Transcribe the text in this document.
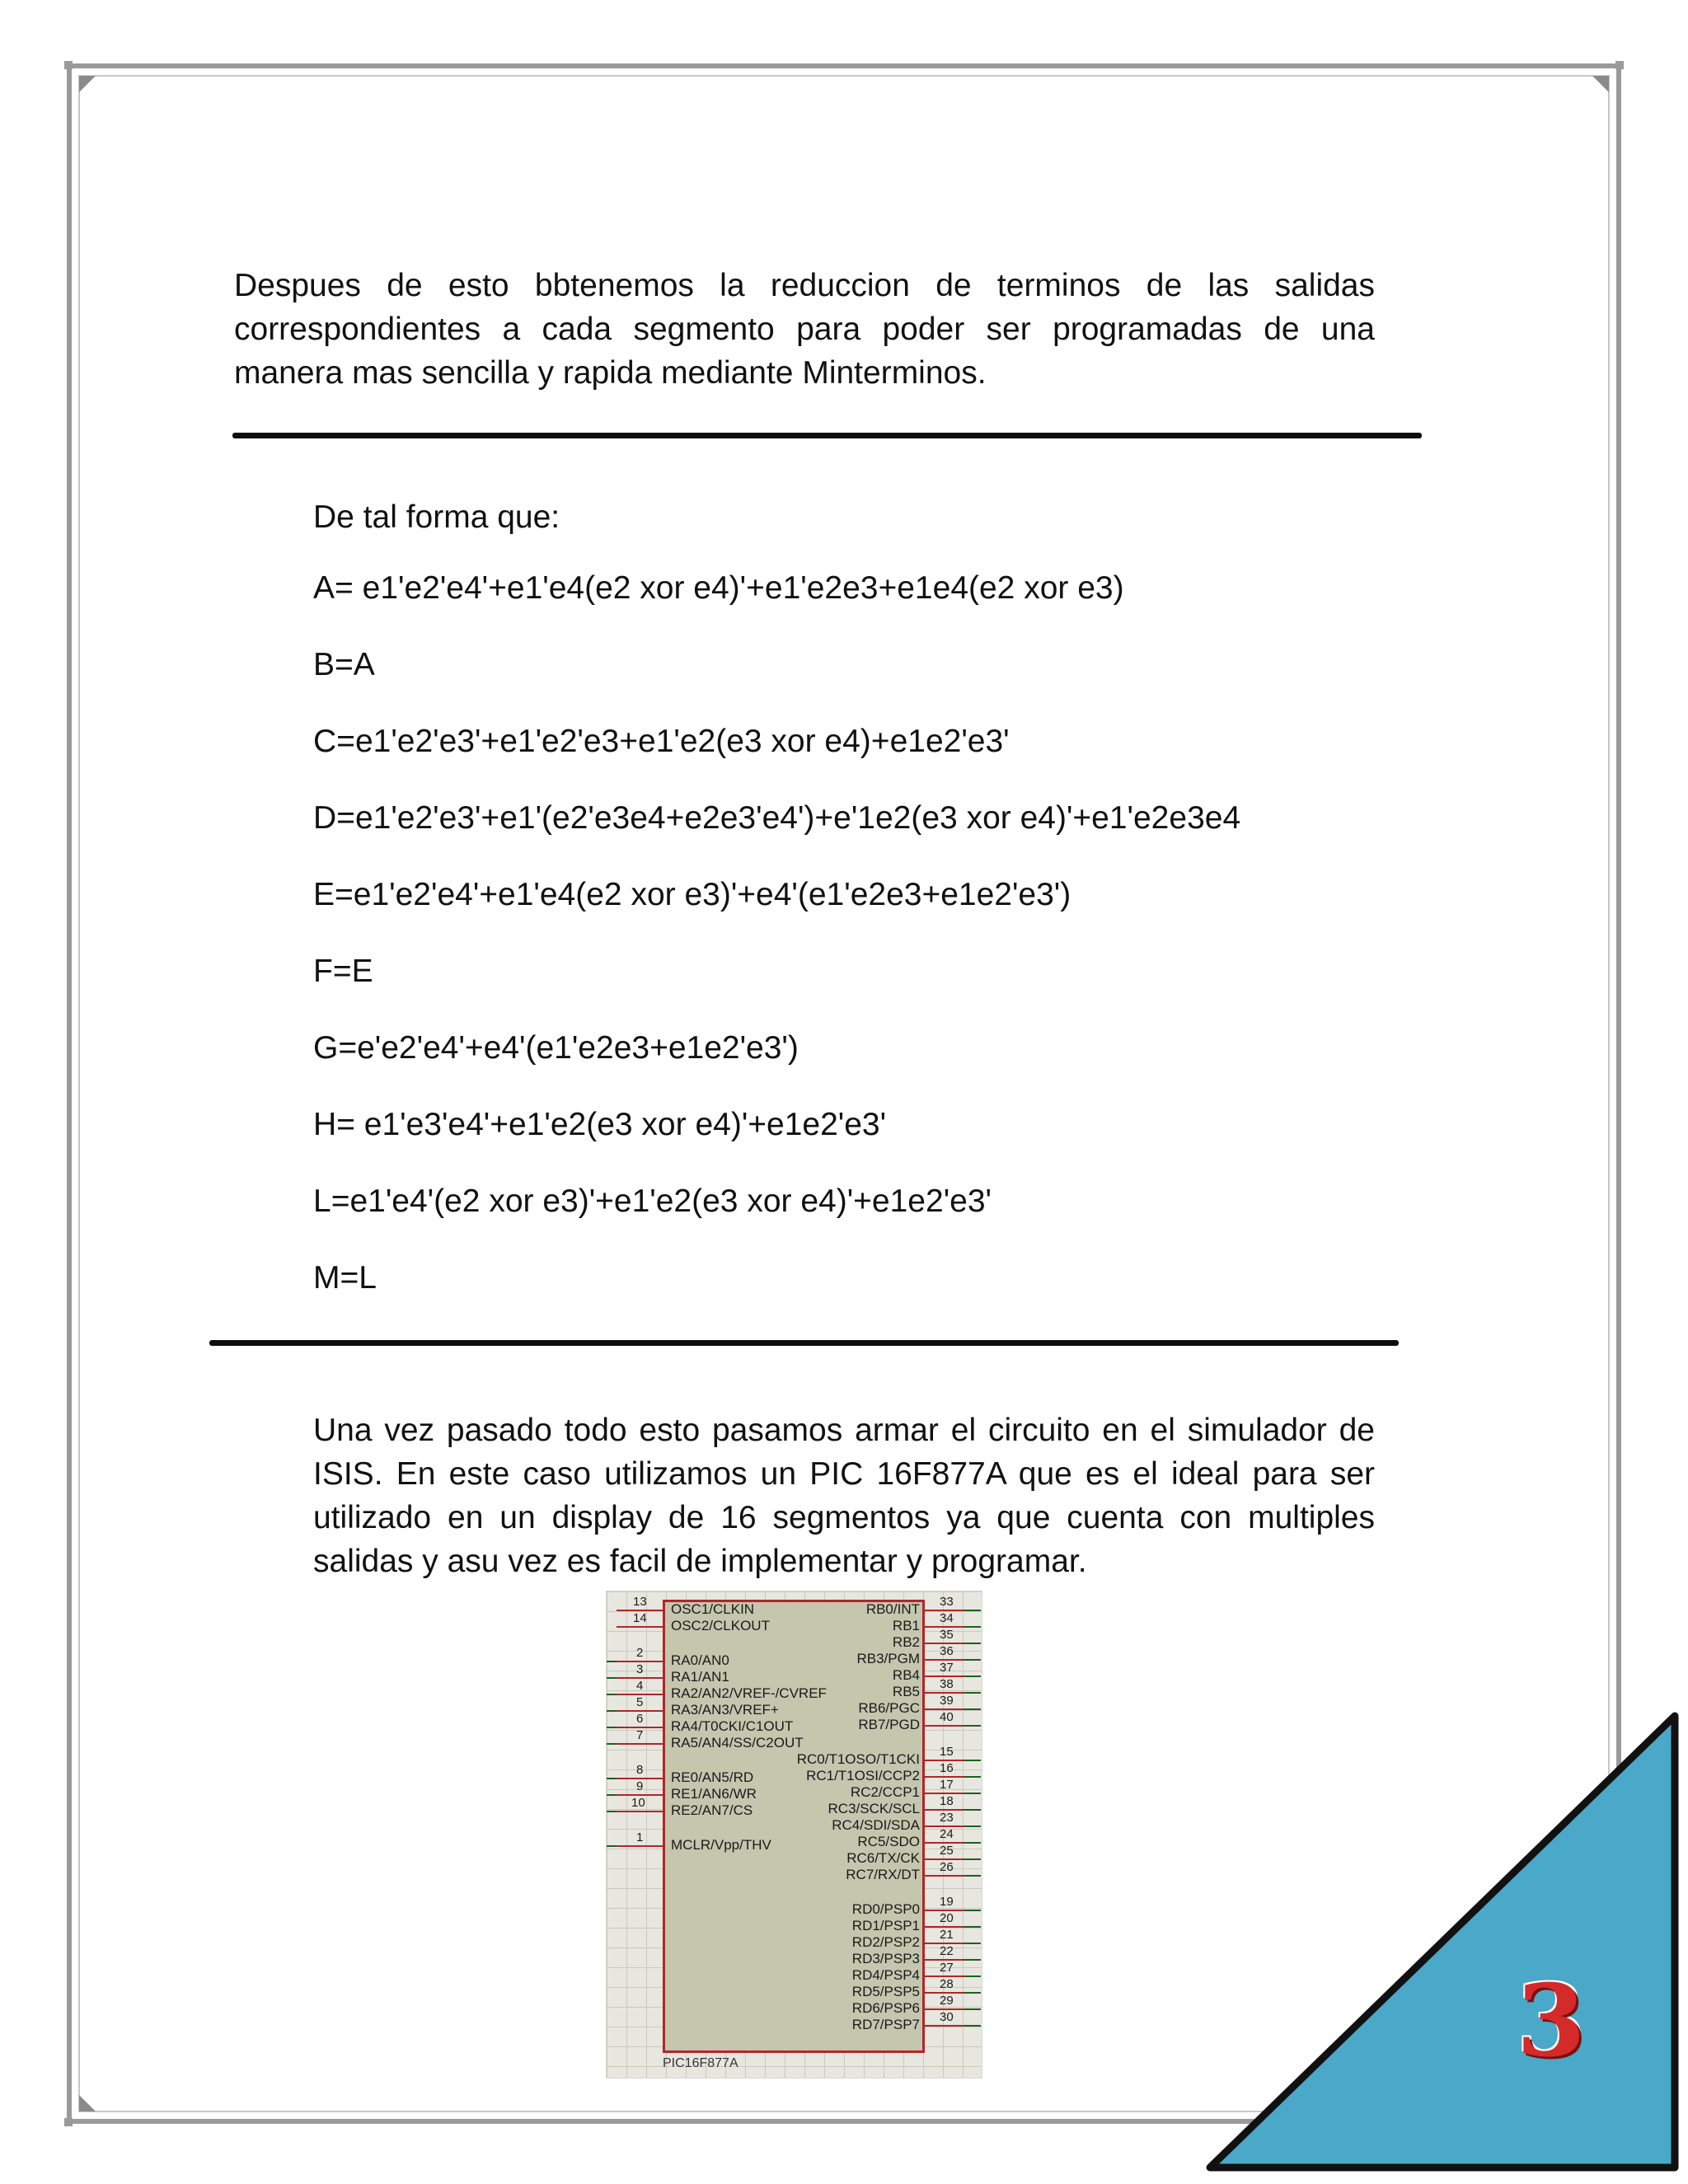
Despues de esto bbtenemos la reduccion de terminos de las salidas correspondientes a cada segmento para poder ser programadas de una manera mas sencilla y rapida mediante Minterminos.

De tal forma que:

A= e1'e2'e4'+e1'e4(e2 xor e4)'+e1'e2e3+e1e4(e2 xor e3)

B=A

C=e1'e2'e3'+e1'e2'e3+e1'e2(e3 xor e4)+e1e2'e3'

D=e1'e2'e3'+e1'(e2'e3e4+e2e3'e4')+e'1e2(e3 xor e4)'+e1'e2e3e4

E=e1'e2'e4'+e1'e4(e2 xor e3)'+e4'(e1'e2e3+e1e2'e3')

F=E

G=e'e2'e4'+e4'(e1'e2e3+e1e2'e3')

H= e1'e3'e4'+e1'e2(e3 xor e4)'+e1e2'e3'

L=e1'e4'(e2 xor e3)'+e1'e2(e3 xor e4)'+e1e2'e3'

M=L

Una vez pasado todo esto pasamos armar el circuito en el simulador de ISIS. En este caso utilizamos un PIC 16F877A que es el ideal para ser utilizado en un display de 16 segmentos ya que cuenta con multiples salidas y asu vez es facil de implementar y programar.

13 OSC1/CLKIN
14 OSC2/CLKOUT
2 RA0/AN0
3 RA1/AN1
4 RA2/AN2/VREF-/CVREF
5 RA3/AN3/VREF+
6 RA4/T0CKI/C1OUT
7 RA5/AN4/SS/C2OUT
8 RE0/AN5/RD
9 RE1/AN6/WR
10 RE2/AN7/CS
1 MCLR/Vpp/THV
33
RB0/INT
34
RB1
35
RB2
36
RB3/PGM
37
RB4
38
RB5
39
RB6/PGC
40
RB7/PGD
15
RC0/T1OSO/T1CKI
16
RC1/T1OSI/CCP2
17
RC2/CCP1
18
RC3/SCK/SCL
23
RC4/SDI/SDA
24
RC5/SDO
25
RC6/TX/CK
26
RC7/RX/DT
19
RD0/PSP0
20
RD1/PSP1
21
RD2/PSP2
22
RD3/PSP3
27
RD4/PSP4
28
RD5/PSP5
29
RD6/PSP6
30
RD7/PSP7
PIC16F877A	3
